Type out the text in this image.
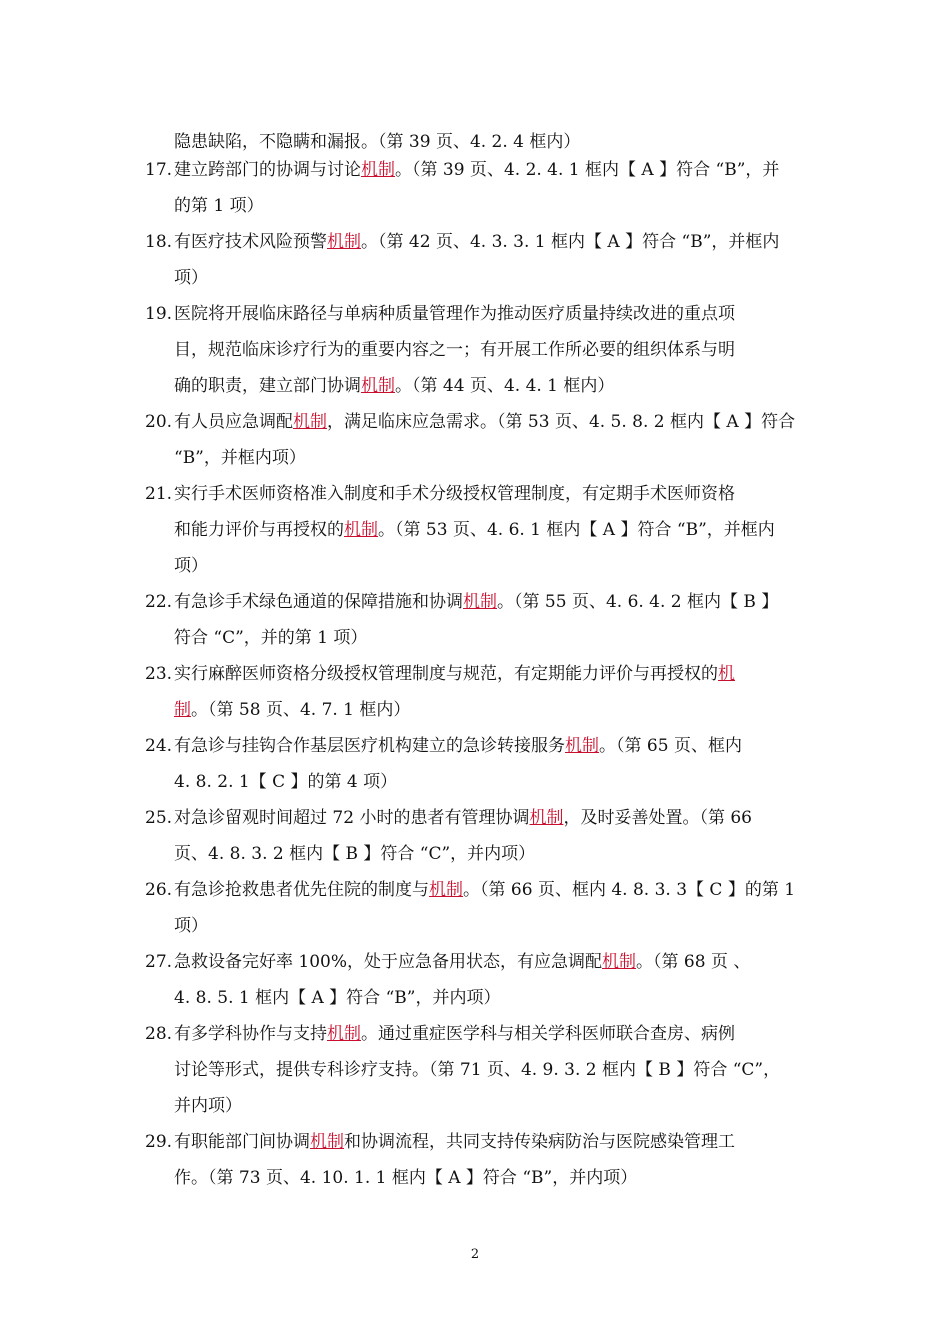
隐患缺陷，不隐瞒和漏报。（第 39 页、4. 2. 4 框内）
17. 建立跨部门的协调与讨论机制。（第 39 页、4. 2. 4. 1 框内【 A 】符合 “B”，并
的第 1 项）
18. 有医疗技术风险预警机制。（第 42 页、4. 3. 3. 1 框内【 A 】符合 “B”，并框内
项）
19. 医院将开展临床路径与单病种质量管理作为推动医疗质量持续改进的重点项
目，规范临床诊疗行为的重要内容之一；有开展工作所必要的组织体系与明
确的职责，建立部门协调机制。（第 44 页、4. 4. 1 框内）
20. 有人员应急调配机制，满足临床应急需求。（第 53 页、4. 5. 8. 2 框内【 A 】符合
“B”，并框内项）
21. 实行手术医师资格准入制度和手术分级授权管理制度，有定期手术医师资格
和能力评价与再授权的机制。（第 53 页、4. 6. 1 框内【 A 】符合 “B”，并框内
项）
22. 有急诊手术绿色通道的保障措施和协调机制。（第 55 页、4. 6. 4. 2 框内【 B 】
符合 “C”，并的第 1 项）
23. 实行麻醉医师资格分级授权管理制度与规范，有定期能力评价与再授权的机
制。（第 58 页、4. 7. 1 框内）
24. 有急诊与挂钩合作基层医疗机构建立的急诊转接服务机制。（第 65 页、框内
4. 8. 2. 1【 C 】的第 4 项）
25. 对急诊留观时间超过 72 小时的患者有管理协调机制，及时妥善处置。（第 66
页、4. 8. 3. 2 框内【 B 】符合 “C”，并内项）
26. 有急诊抢救患者优先住院的制度与机制。（第 66 页、框内 4. 8. 3. 3【 C 】的第 1
项）
27. 急救设备完好率 100%，处于应急备用状态，有应急调配机制。（第 68 页 、
4. 8. 5. 1 框内【 A 】符合 “B”，并内项）
28. 有多学科协作与支持机制。通过重症医学科与相关学科医师联合查房、病例
讨论等形式，提供专科诊疗支持。（第 71 页、4. 9. 3. 2 框内【 B 】符合 “C”，
并内项）
29. 有职能部门间协调机制和协调流程，共同支持传染病防治与医院感染管理工
作。（第 73 页、4. 10. 1. 1 框内【 A 】符合 “B”，并内项）
2
